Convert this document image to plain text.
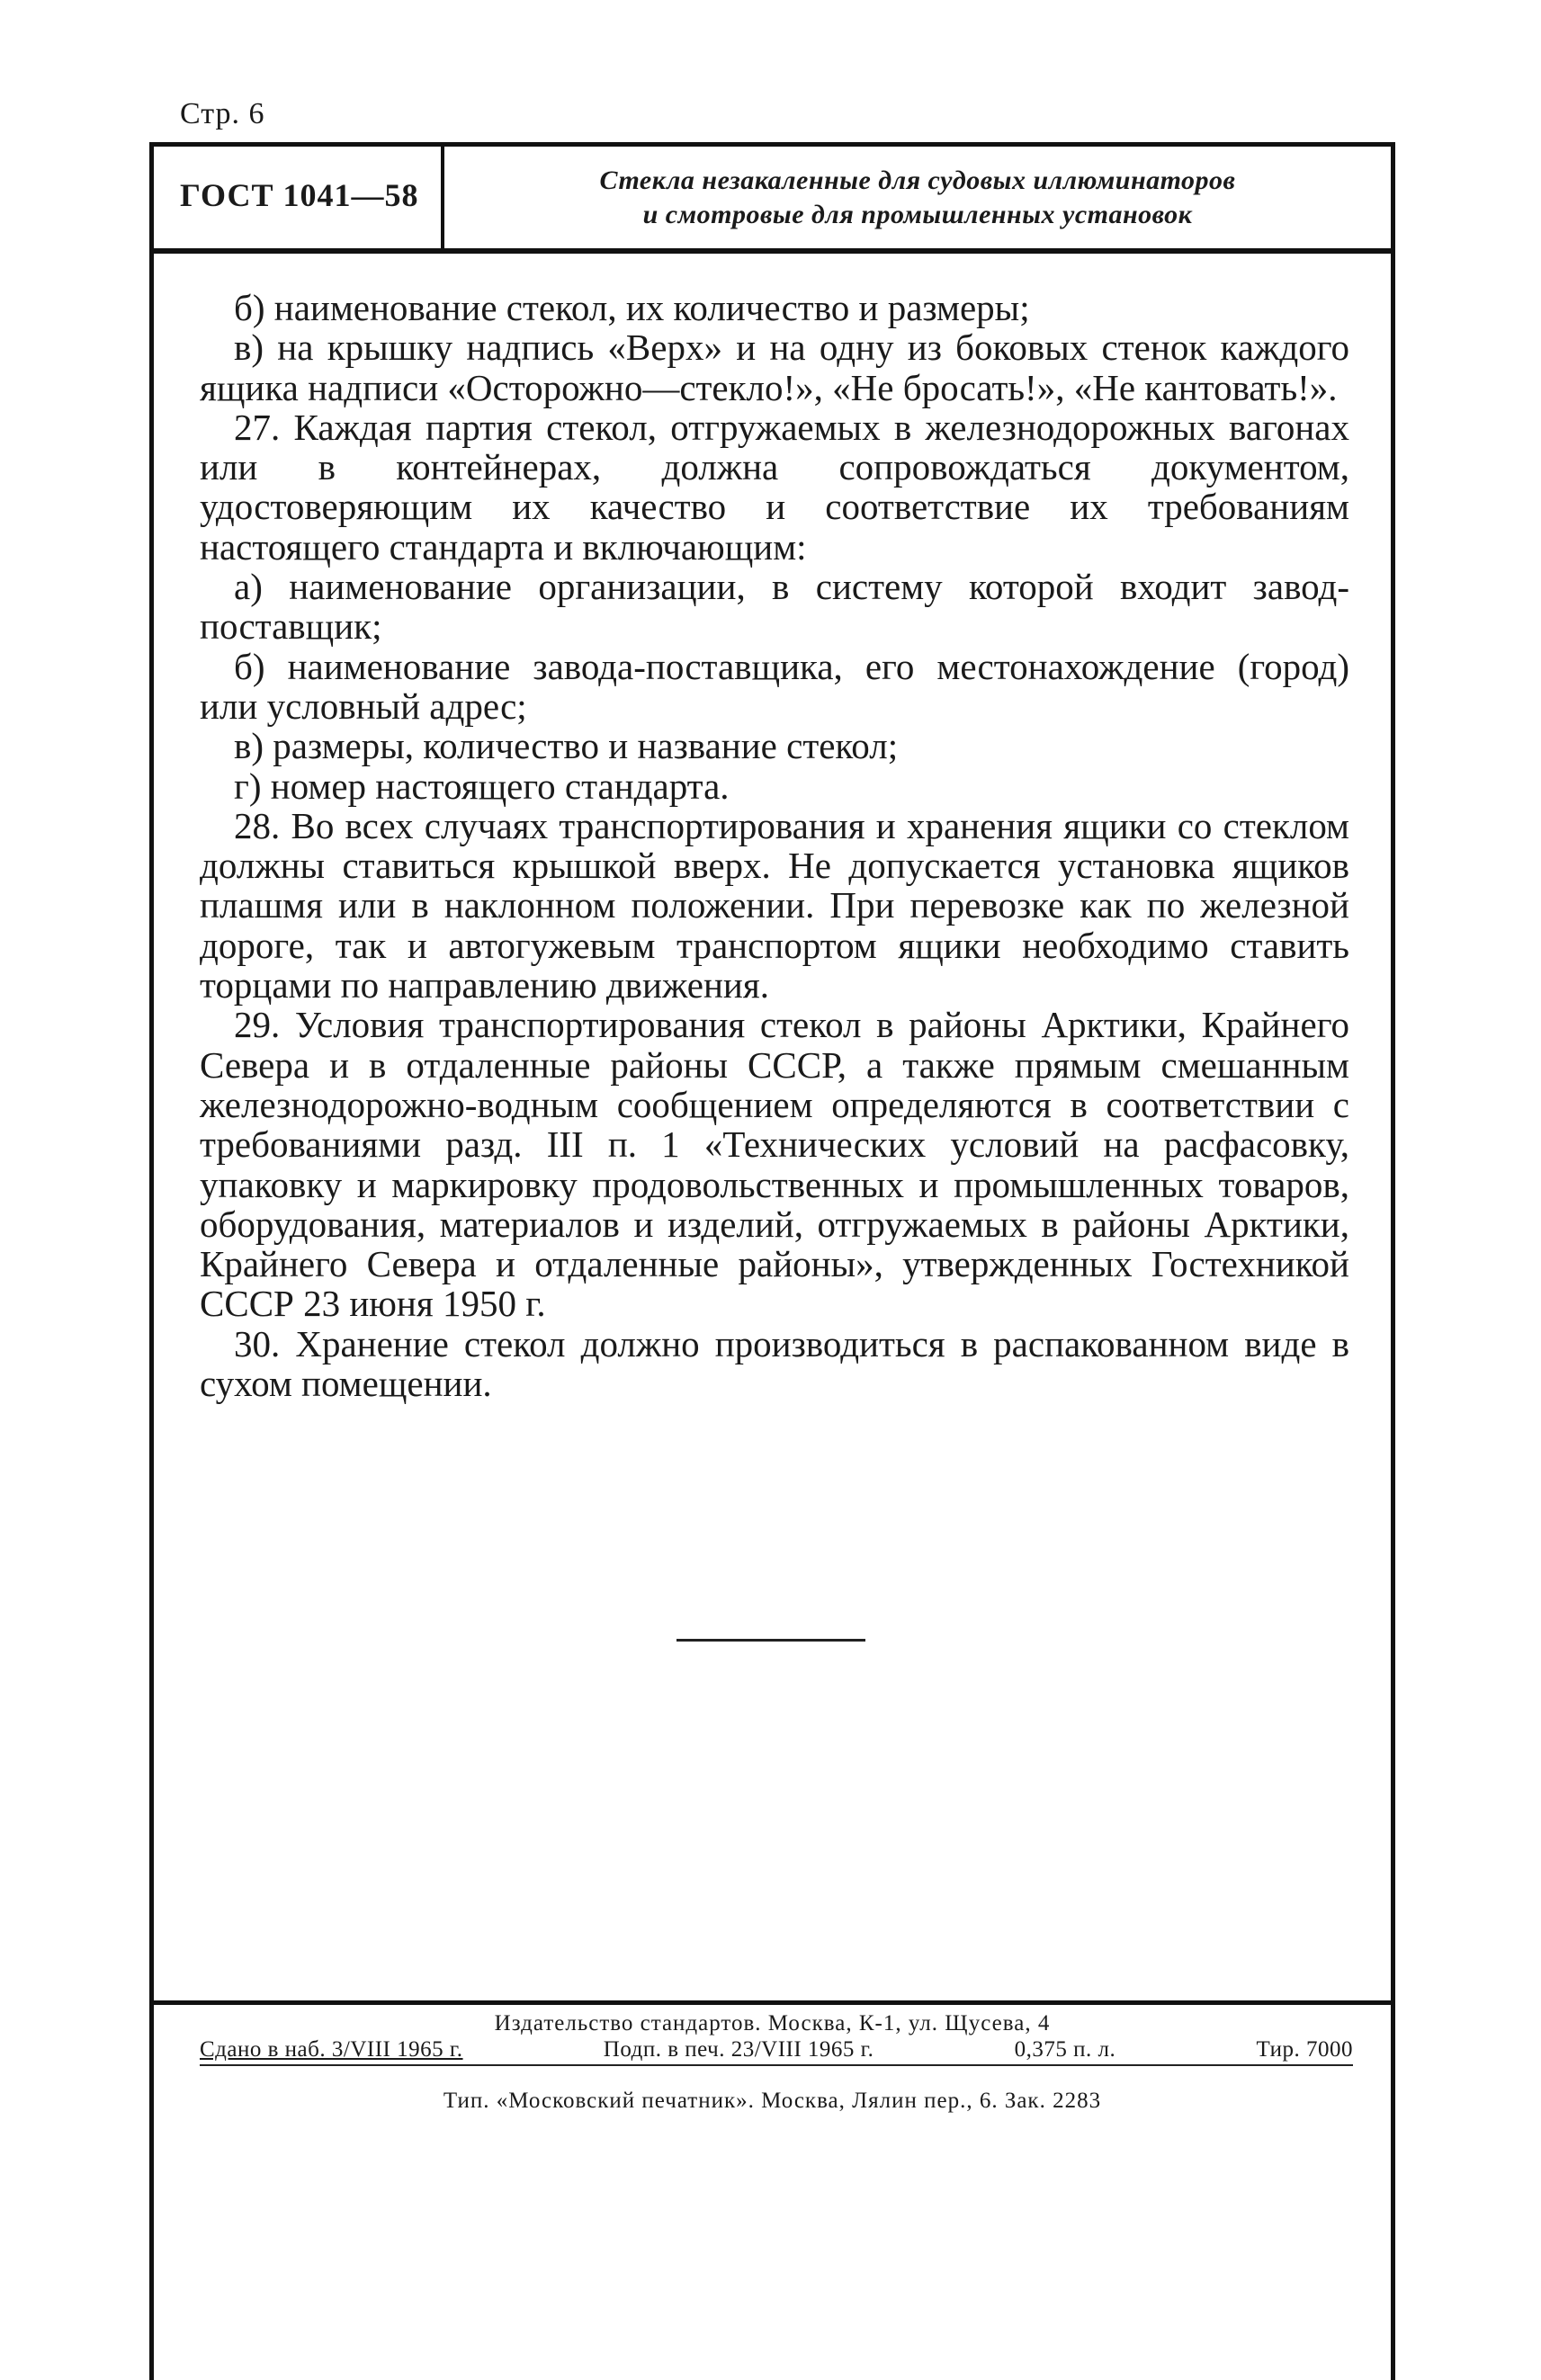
Стр. 6
ГОСТ 1041—58	Стекла незакаленные для судовых иллюминаторов
и смотровые для промышленных установок

б) наименование стекол, их количество и размеры;

в) на крышку надпись «Верх» и на одну из боковых стенок каждого ящика надписи «Осторожно—стекло!», «Не бросать!», «Не кантовать!».

27. Каждая партия стекол, отгружаемых в железнодорожных вагонах или в контейнерах, должна сопровождаться документом, удостоверяющим их качество и соответствие их требованиям настоящего стандарта и включающим:

а) наименование организации, в систему которой входит завод-поставщик;

б) наименование завода-поставщика, его местонахождение (город) или условный адрес;

в) размеры, количество и название стекол;

г) номер настоящего стандарта.

28. Во всех случаях транспортирования и хранения ящики со стеклом должны ставиться крышкой вверх. Не допускается установка ящиков плашмя или в наклонном положении. При перевозке как по железной дороге, так и автогужевым транспортом ящики необходимо ставить торцами по направлению движения.

29. Условия транспортирования стекол в районы Арктики, Крайнего Севера и в отдаленные районы СССР, а также прямым смешанным железнодорожно-водным сообщением определяются в соответствии с требованиями разд. III п. 1 «Технических условий на расфасовку, упаковку и маркировку продовольственных и промышленных товаров, оборудования, материалов и изделий, отгружаемых в районы Арктики, Крайнего Севера и отдаленные районы», утвержденных Гостехникой СССР 23 июня 1950 г.

30. Хранение стекол должно производиться в распакованном виде в сухом помещении.

Издательство стандартов. Москва, К-1, ул. Щусева, 4
Сдано в наб. 3/VIII 1965 г.	Подп. в печ. 23/VIII 1965 г.	0,375 п. л.	Тир. 7000
Тип. «Московский печатник». Москва, Лялин пер., 6. Зак. 2283
